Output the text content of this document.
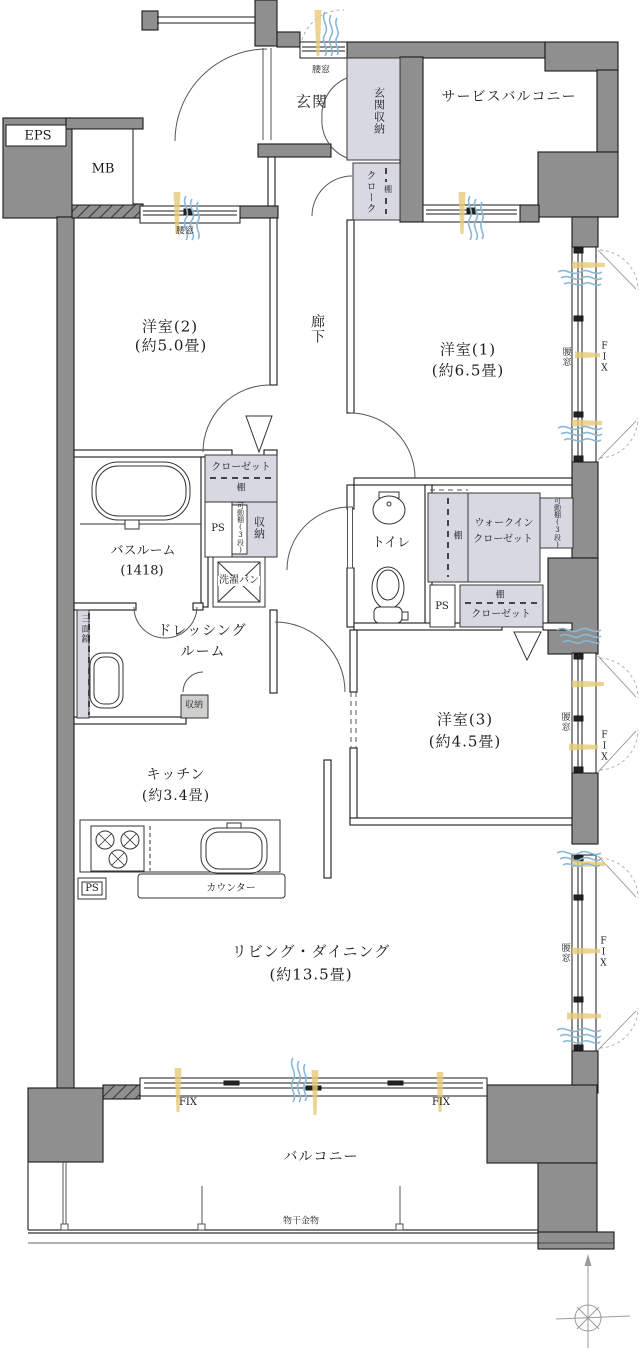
EPS
MB
玄関	玄関収納
腰窓
サービスバルコニー
クローク 棚
腰窓
洋室(2)
(約5.0畳)
廊下
洋室(1)
(約6.5畳)
腰窓	FIX
クローゼット
棚
バスルーム
(1418)
PS 可動棚(3段) 収納
洗濯パン
トイレ	棚
ウォークイン
クローゼット	可動棚(3段)
棚
クローゼット
PS
ドレッシング
ルーム
三面鏡
収納
キッチン
(約3.4畳)
カウンター
PS
洋室(3)
(約4.5畳)
腰窓
FIX
リビング・ダイニング
(約13.5畳)
腰窓	FIX
FIX	FIX
バルコニー
物干金物
